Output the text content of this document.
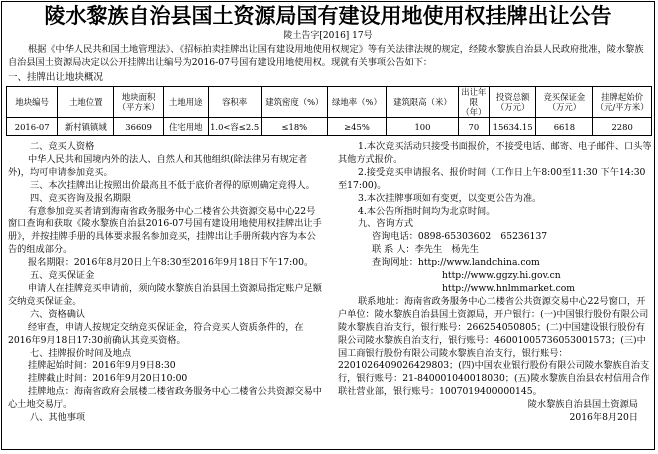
陵水黎族自治县国土资源局国有建设用地使用权挂牌出让公告
陵土告字[2016] 17号
根据《中华人民共和国土地管理法》、《招标拍卖挂牌出让国有建设用地使用权规定》等有关法律法规的规定，经陵水黎族自治县人民政府批准，陵水黎族自治县国土资源局决定以公开挂牌出让编号为2016-07号国有建设用地使用权。现就有关事项公告如下：
一、挂牌出让地块概况
地块编号	土地位置	地块面积（平方米）	土地用途	容积率	建筑密度（%）	绿地率（%）	建筑限高（米）	出让年限（年）	投资总额（万元）	竞买保证金（万元）	挂牌起始价（元/平方米）
2016-07	新村镇镇域	36609	住宅用地	1.0<容≤2.5	≤18%	≥45%	100	70	15634.15	6618	2280

二、竞买人资格

中华人民共和国境内外的法人、自然人和其他组织(除法律另有规定者外)，均可申请参加竞买。

三、本次挂牌出让按照出价最高且不低于底价者得的原则确定竞得人。

四、竞买咨询及报名期限

有意参加竞买者请到海南省政务服务中心二楼省公共资源交易中心22号窗口查询和获取《陵水黎族自治县2016-07号国有建设用地使用权挂牌出让手册》，并按挂牌手册的具体要求报名参加竞买，挂牌出让手册所载内容为本公告的组成部分。

报名期限：2016年8月20日上午8:30至2016年9月18日下午17:00。

五、竞买保证金

申请人在挂牌竞买申请前，须向陵水黎族自治县国土资源局指定账户足额交纳竞买保证金。

六、资格确认

经审查，申请人按规定交纳竞买保证金，符合竞买人资质条件的，在2016年9月18日17:30前确认其竞买资格。

七、挂牌报价时间及地点

挂牌起始时间：2016年9月9日8:30

挂牌截止时间：2016年9月20日10:00

挂牌地点：海南省政府会展楼二楼省政务服务中心二楼省公共资源交易中心土地交易厅。

八、其他事项

1.本次竞买活动只接受书面报价，不接受电话、邮寄、电子邮件、口头等其他方式报价。

2.接受竞买申请报名、报价时间（工作日上午8:00至11:30 下午14:30至17:00)。

3.本次挂牌事项如有变更，以变更公告为准。

4.本公告所指时间均为北京时间。

九、咨询方式

咨询电话：0898-65303602　65236137

联 系 人：李先生　杨先生

查询网址：http://www.landchina.com

http://www.ggzy.hi.gov.cn

http://www.hnlmmarket.com

联系地址：海南省政务服务中心二楼省公共资源交易中心22号窗口，开户单位：陵水黎族自治县国土资源局，开户银行：(一)中国银行股份有限公司陵水黎族自治支行，银行账号：266254050805；(二)中国建设银行股份有限公司陵水黎族自治支行，银行账号：46001005736053001573；(三)中国工商银行股份有限公司陵水黎族自治支行，银行账号：2201026409026429803；(四)中国农业银行股份有限公司陵水黎族自治支行，银行账号：21-840001040018030；(五)陵水黎族自治县农村信用合作联社营业部，银行账号：1007019400000145。

陵水黎族自治县国土资源局

2016年8月20日
